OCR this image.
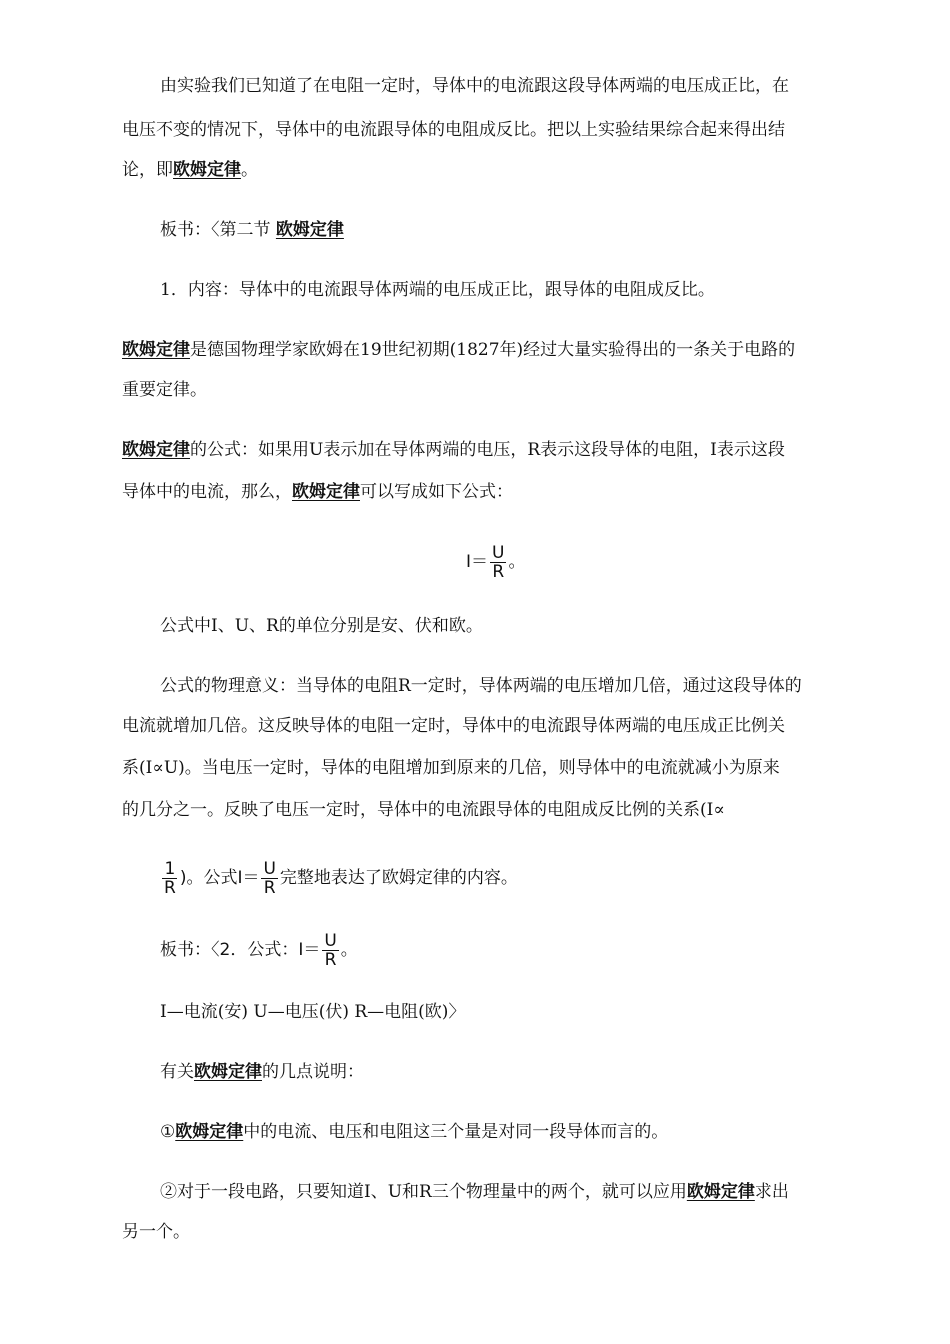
由实验我们已知道了在电阻一定时，导体中的电流跟这段导体两端的电压成正比，在
电压不变的情况下，导体中的电流跟导体的电阻成反比。把以上实验结果综合起来得出结
论，即欧姆定律。
板书：〈第二节 欧姆定律
1．内容：导体中的电流跟导体两端的电压成正比，跟导体的电阻成反比。
欧姆定律是德国物理学家欧姆在19世纪初期(1827年)经过大量实验得出的一条关于电路的
重要定律。
欧姆定律的公式：如果用U表示加在导体两端的电压，R表示这段导体的电阻，I表示这段
导体中的电流，那么，欧姆定律可以写成如下公式：
$I= \frac{U}{R}$ 。
公式中I、U、R的单位分别是安、伏和欧。
公式的物理意义：当导体的电阻R一定时，导体两端的电压增加几倍，通过这段导体的
电流就增加几倍。这反映导体的电阻一定时，导体中的电流跟导体两端的电压成正比例关
系(I∝U)。当电压一定时，导体的电阻增加到原来的几倍，则导体中的电流就减小为原来
的几分之一。反映了电压一定时，导体中的电流跟导体的电阻成反比例的关系(I∝
$\frac{1}{R}$ )。公式$I= \frac{U}{R}$ 完整地表达了欧姆定律的内容。
板书：〈2．公式：$I= \frac{U}{R}$ 。
I—电流(安) U—电压(伏) R—电阻(欧)〉
有关欧姆定律的几点说明：
①欧姆定律中的电流、电压和电阻这三个量是对同一段导体而言的。
②对于一段电路，只要知道I、U和R三个物理量中的两个，就可以应用欧姆定律求出
另一个。
